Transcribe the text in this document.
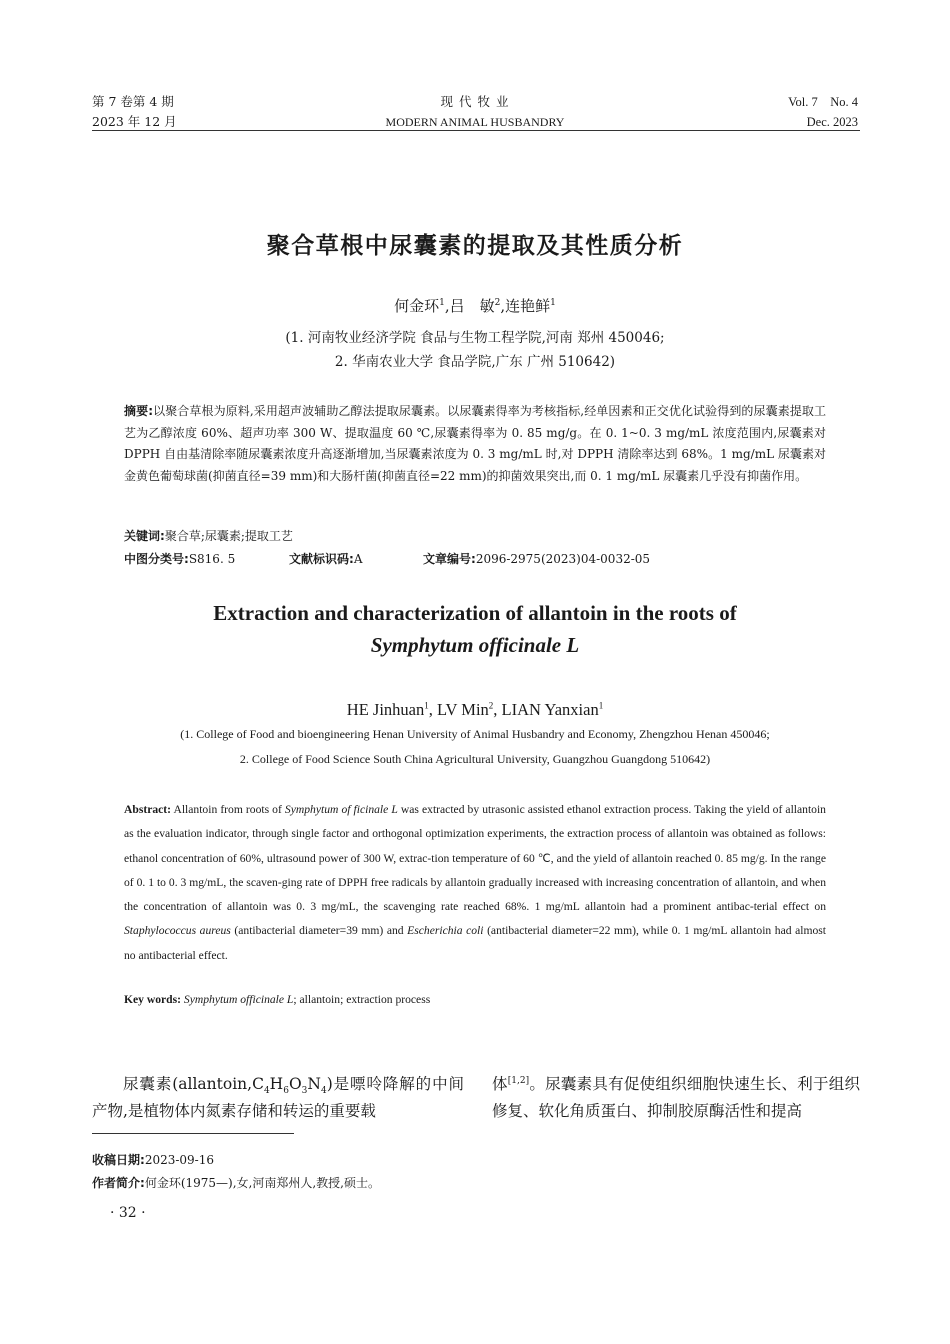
第 7 卷第 4 期
2023 年 12 月
现 代 牧 业
MODERN ANIMAL HUSBANDRY
Vol. 7    No. 4
Dec. 2023
聚合草根中尿囊素的提取及其性质分析
何金环$^1$,吕　敏$^2$,连艳鲜$^1$
(1. 河南牧业经济学院 食品与生物工程学院,河南 郑州 450046;
2. 华南农业大学 食品学院,广东 广州 510642)
摘要:以聚合草根为原料,采用超声波辅助乙醇法提取尿囊素。以尿囊素得率为考核指标,经单因素和正交优化试验得到的尿囊素提取工艺为乙醇浓度 60%、超声功率 300 W、提取温度 60 ℃,尿囊素得率为 0. 85 mg/g。在 0. 1~0. 3 mg/mL 浓度范围内,尿囊素对 DPPH 自由基清除率随尿囊素浓度升高逐渐增加,当尿囊素浓度为 0. 3 mg/mL 时,对 DPPH 清除率达到 68%。1 mg/mL 尿囊素对金黄色葡萄球菌(抑菌直径=39 mm)和大肠杆菌(抑菌直径=22 mm)的抑菌效果突出,而 0. 1 mg/mL 尿囊素几乎没有抑菌作用。
关键词:聚合草;尿囊素;提取工艺
中图分类号:S816. 5	文献标识码:A	文章编号:2096-2975(2023)04-0032-05
Extraction and characterization of allantoin in the roots of
Symphytum officinale L
HE Jinhuan$^1$, LV Min$^2$, LIAN Yanxian$^1$
(1. College of Food and bioengineering Henan University of Animal Husbandry and Economy, Zhengzhou Henan 450046;
2. College of Food Science South China Agricultural University, Guangzhou Guangdong 510642)
Abstract: Allantoin from roots of Symphytum of ficinale L was extracted by utrasonic assisted ethanol extraction process. Taking the yield of allantoin as the evaluation indicator, through single factor and orthogonal optimization experiments, the extraction process of allantoin was obtained as follows: ethanol concentration of 60%, ultrasound power of 300 W, extrac-tion temperature of 60 ℃, and the yield of allantoin reached 0. 85 mg/g. In the range of 0. 1 to 0. 3 mg/mL, the scaven-ging rate of DPPH free radicals by allantoin gradually increased with increasing concentration of allantoin, and when the concentration of allantoin was 0. 3 mg/mL, the scavenging rate reached 68%. 1 mg/mL allantoin had a prominent antibac-terial effect on Staphylococcus aureus (antibacterial diameter=39 mm) and Escherichia coli (antibacterial diameter=22 mm), while 0. 1 mg/mL allantoin had almost no antibacterial effect.
Key words: Symphytum officinale L; allantoin; extraction process
尿囊素$(allantoin,C_4H_6O_3N_4)$是嘌呤降解的中间产物,是植物体内氮素存储和转运的重要载
体[1,2]。尿囊素具有促使组织细胞快速生长、利于组织修复、软化角质蛋白、抑制胶原酶活性和提高
收稿日期:2023-09-16
作者简介:何金环(1975—),女,河南郑州人,教授,硕士。
· 32 ·
